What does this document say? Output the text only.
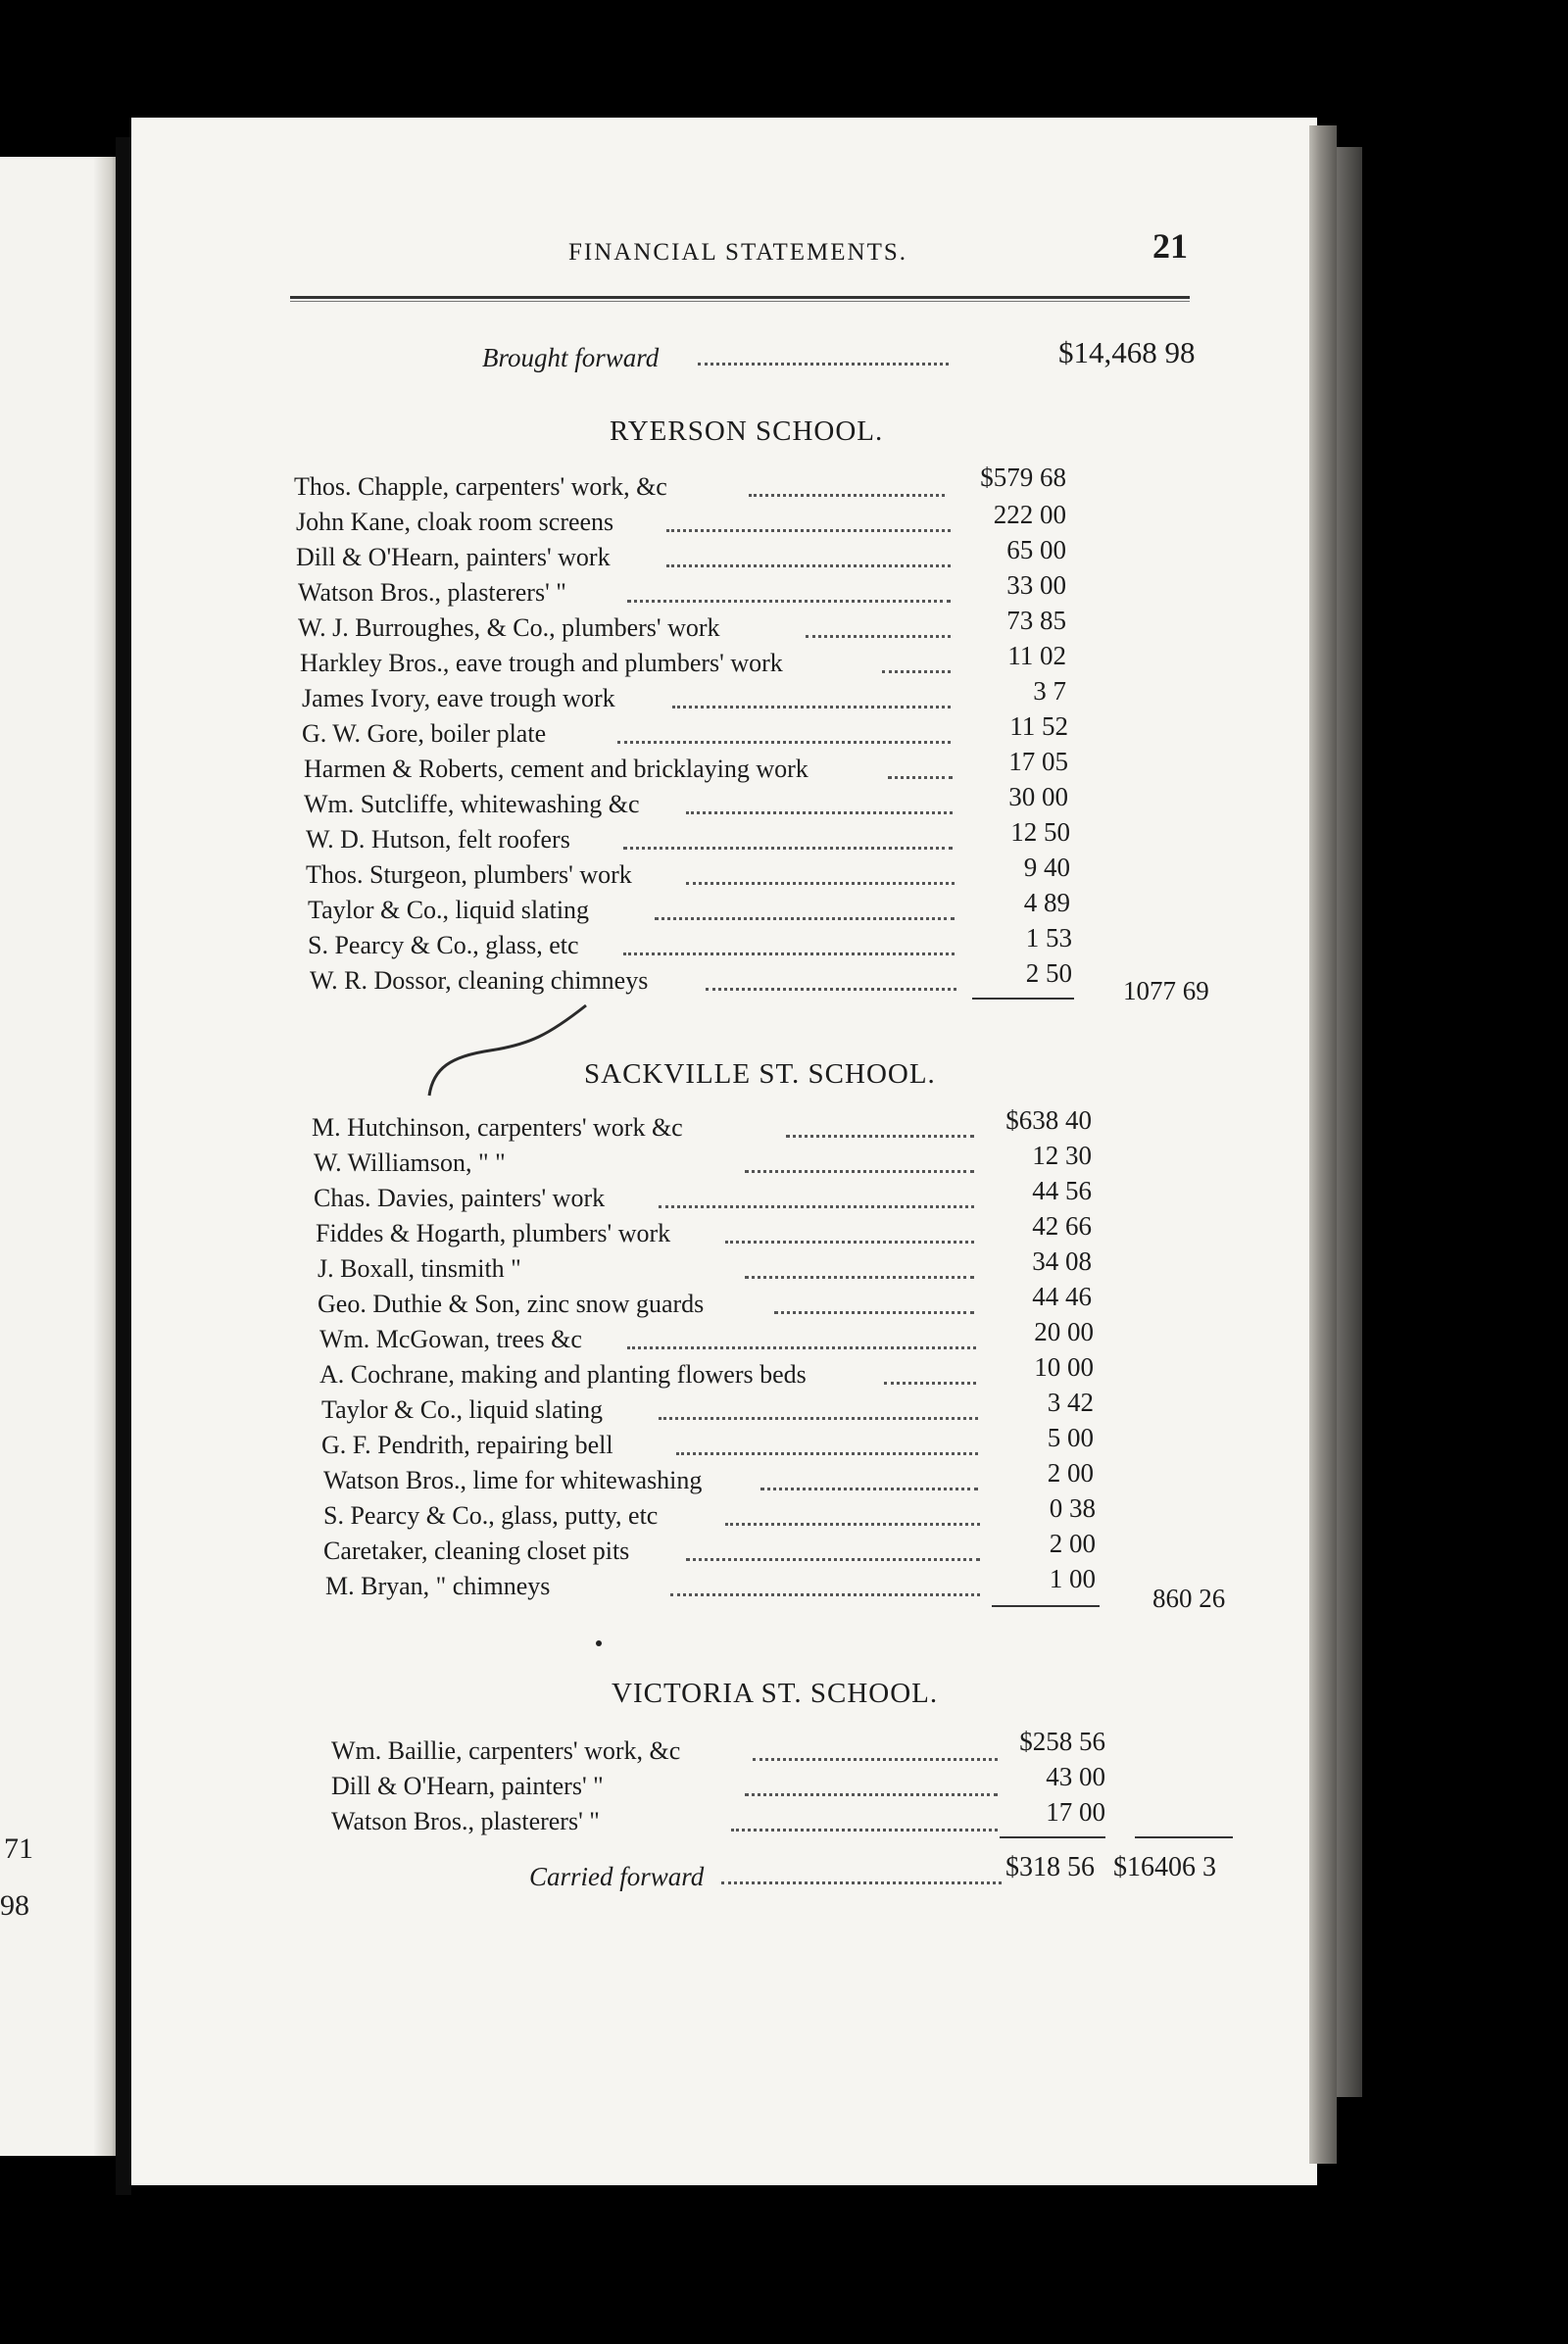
71
98
FINANCIAL STATEMENTS.	21
Brought forward	$14,468 98
RYERSON SCHOOL.
Thos. Chapple, carpenters' work, &c	$579 68
John Kane, cloak room screens	222 00
Dill & O'Hearn, painters' work	65 00
Watson Bros., plasterers' "	33 00
W. J. Burroughes, & Co., plumbers' work	73 85
Harkley Bros., eave trough and plumbers' work	11 02
James Ivory, eave trough work	3 7
G. W. Gore, boiler plate	11 52
Harmen & Roberts, cement and bricklaying work	17 05
Wm. Sutcliffe, whitewashing &c	30 00
W. D. Hutson, felt roofers	12 50
Thos. Sturgeon, plumbers' work	9 40
Taylor & Co., liquid slating	4 89
S. Pearcy & Co., glass, etc	1 53
W. R. Dossor, cleaning chimneys	2 50
1077 69
SACKVILLE ST. SCHOOL.
M. Hutchinson, carpenters' work &c	$638 40
W. Williamson, " "	12 30
Chas. Davies, painters' work	44 56
Fiddes & Hogarth, plumbers' work	42 66
J. Boxall, tinsmith "	34 08
Geo. Duthie & Son, zinc snow guards	44 46
Wm. McGowan, trees &c	20 00
A. Cochrane, making and planting flowers beds	10 00
Taylor & Co., liquid slating	3 42
G. F. Pendrith, repairing bell	5 00
Watson Bros., lime for whitewashing	2 00
S. Pearcy & Co., glass, putty, etc	0 38
Caretaker, cleaning closet pits	2 00
M. Bryan, " chimneys	1 00
860 26
VICTORIA ST. SCHOOL.
Wm. Baillie, carpenters' work, &c	$258 56
Dill & O'Hearn, painters' "	43 00
Watson Bros., plasterers' "	17 00
Carried forward	$318 56 $16406 3
